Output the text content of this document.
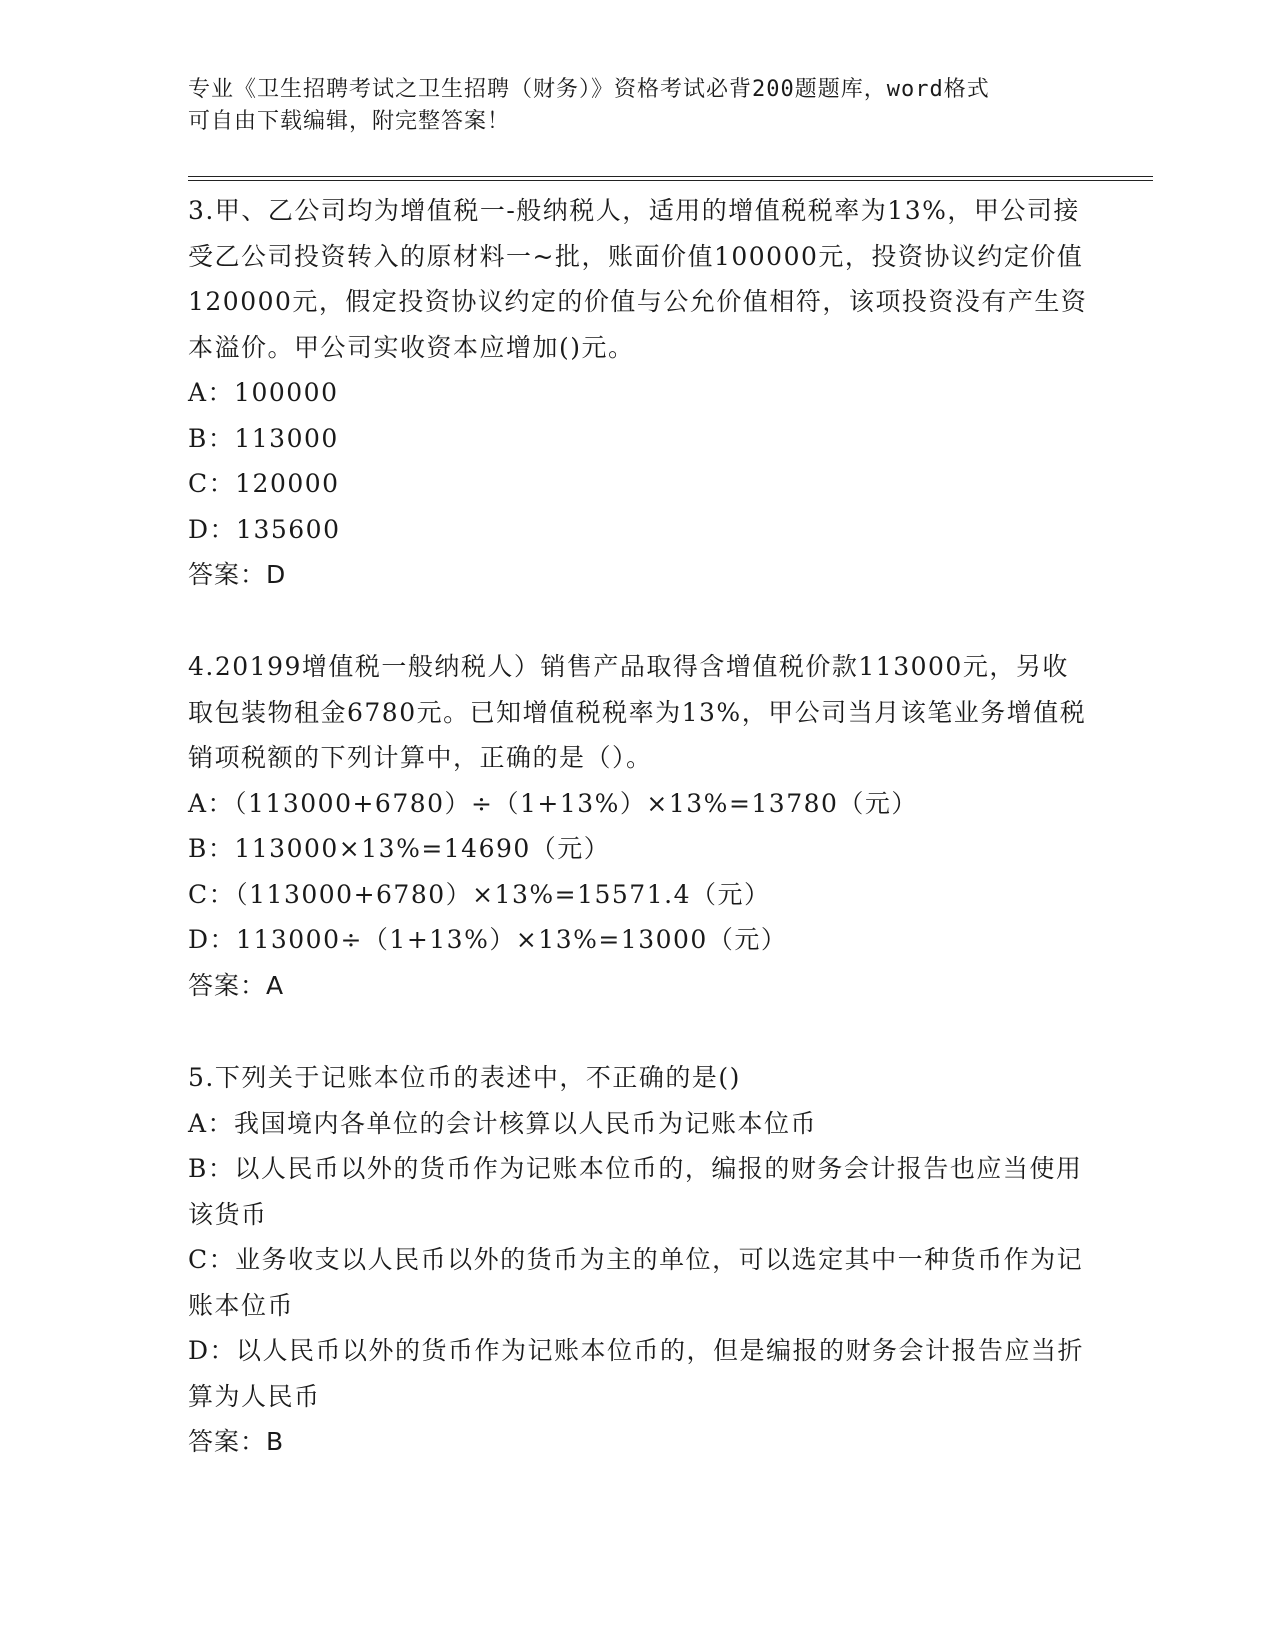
专业《卫生招聘考试之卫生招聘（财务）》资格考试必背200题题库，word格式
可自由下载编辑，附完整答案！

3.甲、乙公司均为增值税一-般纳税人，适用的增值税税率为13%，甲公司接受乙公司投资转入的原材料一~批，账面价值100000元，投资协议约定价值120000元，假定投资协议约定的价值与公允价值相符，该项投资没有产生资本溢价。甲公司实收资本应增加()元。

A：100000

B：113000

C：120000

D：135600

答案：D

4.20199增值税一般纳税人）销售产品取得含增值税价款113000元，另收取包装物租金6780元。已知增值税税率为13%，甲公司当月该笔业务增值税销项税额的下列计算中，正确的是（）。

A：（113000+6780）÷（1+13%）×13%=13780（元）

B：113000×13%=14690（元）

C：（113000+6780）×13%=15571.4（元）

D：113000÷（1+13%）×13%=13000（元）

答案：A

5.下列关于记账本位币的表述中，不正确的是()

A：我国境内各单位的会计核算以人民币为记账本位币

B：以人民币以外的货币作为记账本位币的，编报的财务会计报告也应当使用该货币

C：业务收支以人民币以外的货币为主的单位，可以选定其中一种货币作为记账本位币

D：以人民币以外的货币作为记账本位币的，但是编报的财务会计报告应当折算为人民币

答案：B
